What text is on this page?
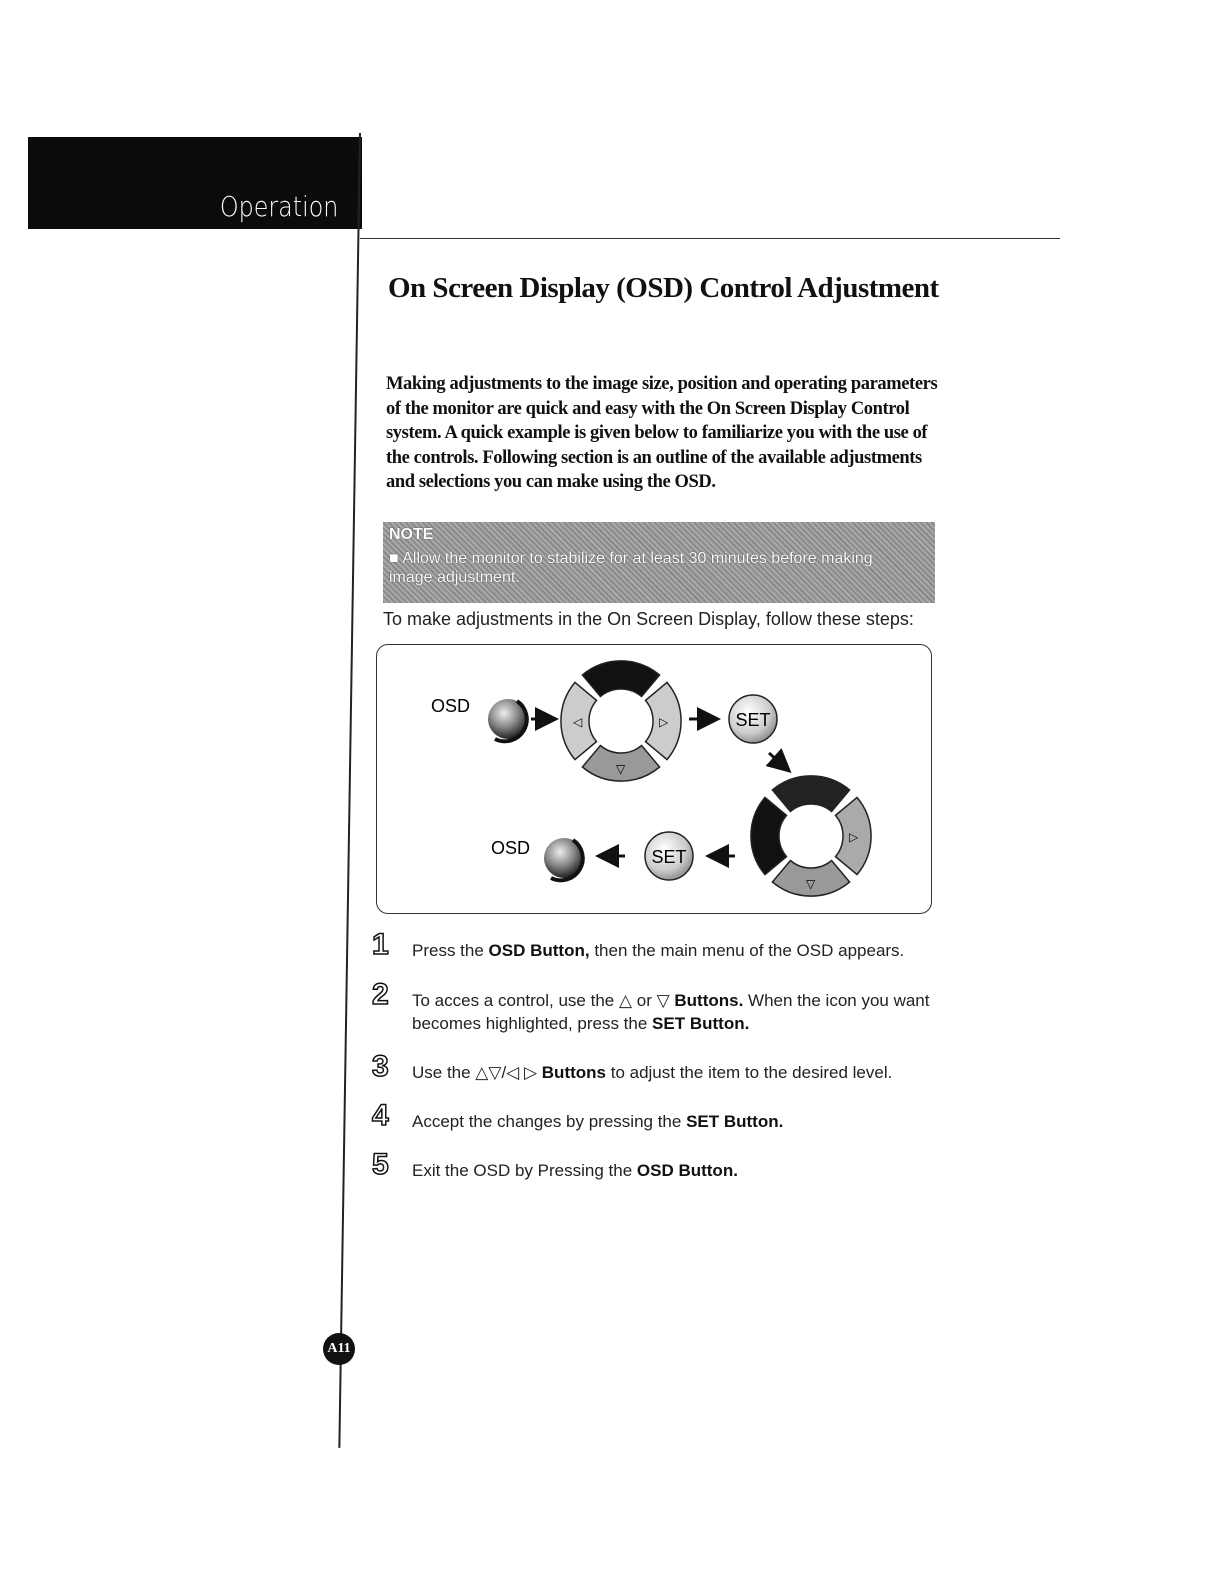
Operation
On Screen Display (OSD) Control Adjustment
Making adjustments to the image size, position and operating parameters of the monitor are quick and easy with the On Screen Display Control system. A quick example is given below to familiarize you with the use of the controls. Following section is an outline of the available adjustments and selections you can make using the OSD.
NOTE
■ Allow the monitor to stabilize for at least 30 minutes before making image adjustment.
To make adjustments in the On Screen Display, follow these steps:
OSD
◁	▷
▽
SET
▷
▽
SET
OSD
1	Press the OSD Button, then the main menu of the OSD appears.
2	To acces a control, use the △ or ▽ Buttons. When the icon you want becomes highlighted, press the SET Button.
3	Use the △▽/◁ ▷ Buttons to adjust the item to the desired level.
4	Accept the changes by pressing the SET Button.
5	Exit the OSD by Pressing the OSD Button.
A11
